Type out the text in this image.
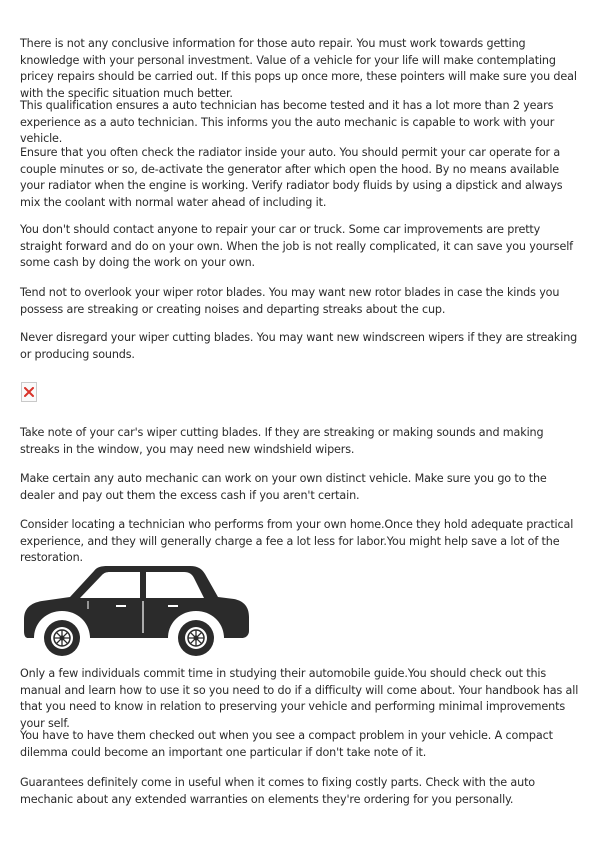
There is not any conclusive information for those auto repair. You must work towards getting knowledge with your personal investment. Value of a vehicle for your life will make contemplating pricey repairs should be carried out. If this pops up once more, these pointers will make sure you deal with the specific situation much better.

This qualification ensures a auto technician has become tested and it has a lot more than 2 years experience as a auto technician. This informs you the auto mechanic is capable to work with your vehicle.

Ensure that you often check the radiator inside your auto. You should permit your car operate for a couple minutes or so, de-activate the generator after which open the hood. By no means available your radiator when the engine is working. Verify radiator body fluids by using a dipstick and always mix the coolant with normal water ahead of including it.

You don't should contact anyone to repair your car or truck. Some car improvements are pretty straight forward and do on your own. When the job is not really complicated, it can save you yourself some cash by doing the work on your own.

Tend not to overlook your wiper rotor blades. You may want new rotor blades in case the kinds you possess are streaking or creating noises and departing streaks about the cup.

Never disregard your wiper cutting blades. You may want new windscreen wipers if they are streaking or producing sounds.

Take note of your car's wiper cutting blades. If they are streaking or making sounds and making streaks in the window, you may need new windshield wipers.

Make certain any auto mechanic can work on your own distinct vehicle. Make sure you go to the dealer and pay out them the excess cash if you aren't certain.

Consider locating a technician who performs from your own home.Once they hold adequate practical experience, and they will generally charge a fee a lot less for labor.You might help save a lot of the restoration.

Only a few individuals commit time in studying their automobile guide.You should check out this manual and learn how to use it so you need to do if a difficulty will come about. Your handbook has all that you need to know in relation to preserving your vehicle and performing minimal improvements your self.

You have to have them checked out when you see a compact problem in your vehicle. A compact dilemma could become an important one particular if don't take note of it.

Guarantees definitely come in useful when it comes to fixing costly parts. Check with the auto mechanic about any extended warranties on elements they're ordering for you personally.
